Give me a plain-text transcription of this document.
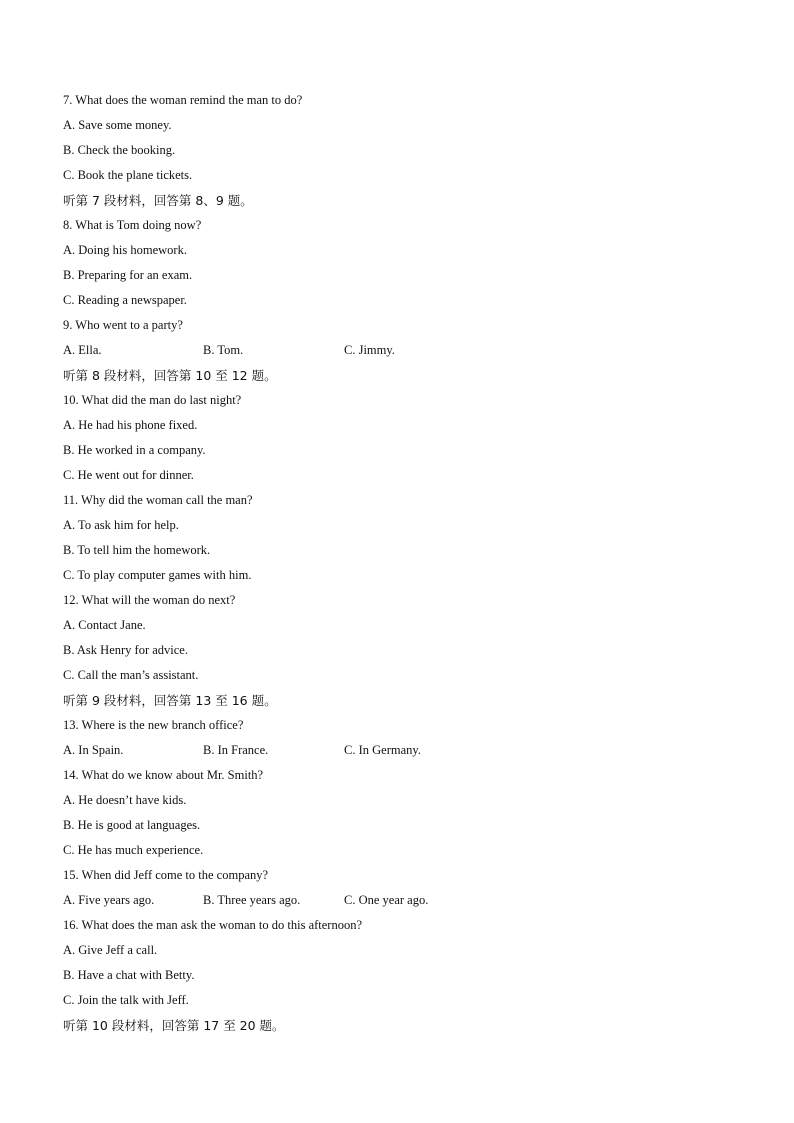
7. What does the woman remind the man to do?
A. Save some money.
B. Check the booking.
C. Book the plane tickets.
听第 7 段材料，回答第 8、9 题。
8. What is Tom doing now?
A. Doing his homework.
B. Preparing for an exam.
C. Reading a newspaper.
9. Who went to a party?
A. Ella.	B. Tom.	C. Jimmy.
听第 8 段材料，回答第 10 至 12 题。
10. What did the man do last night?
A. He had his phone fixed.
B. He worked in a company.
C. He went out for dinner.
11. Why did the woman call the man?
A. To ask him for help.
B. To tell him the homework.
C. To play computer games with him.
12. What will the woman do next?
A. Contact Jane.
B. Ask Henry for advice.
C. Call the man’s assistant.
听第 9 段材料，回答第 13 至 16 题。
13. Where is the new branch office?
A. In Spain.	B. In France.	C. In Germany.
14. What do we know about Mr. Smith?
A. He doesn’t have kids.
B. He is good at languages.
C. He has much experience.
15. When did Jeff come to the company?
A. Five years ago.	B. Three years ago.	C. One year ago.
16. What does the man ask the woman to do this afternoon?
A. Give Jeff a call.
B. Have a chat with Betty.
C. Join the talk with Jeff.
听第 10 段材料，回答第 17 至 20 题。
